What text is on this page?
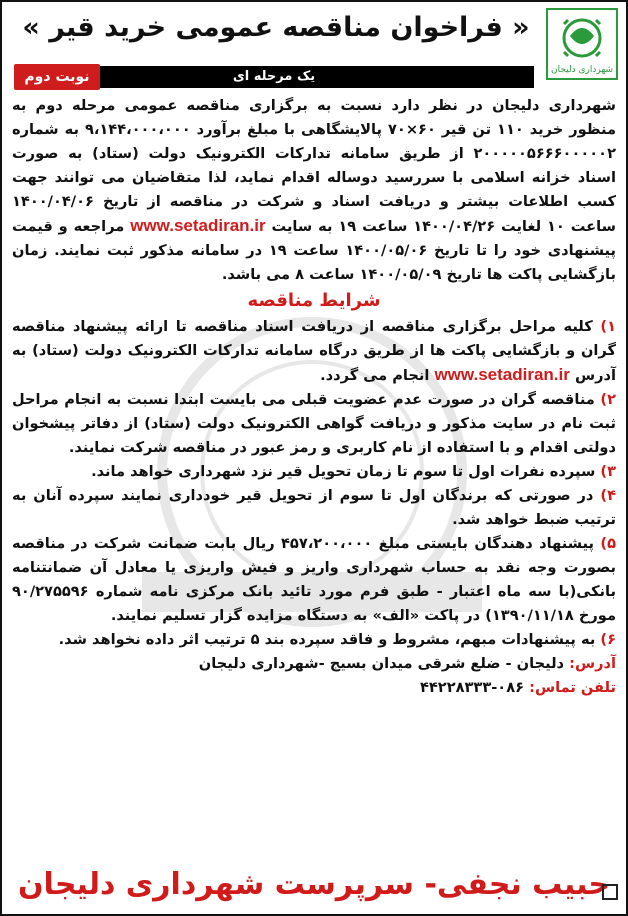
« فراخوان مناقصه عمومی خرید قیر »
شهرداری دلیجان
یک مرحله ای
نوبت دوم

شهرداری دلیجان در نظر دارد نسبت به برگزاری مناقصه عمومی مرحله دوم به منظور خرید ۱۱۰ تن قیر ۶۰×۷۰ پالایشگاهی با مبلغ برآورد ۹،۱۴۴،۰۰۰،۰۰۰ به شماره ۲۰۰۰۰۰۵۶۶۶۰۰۰۰۰۲ از طریق سامانه تدارکات الکترونیک دولت (ستاد) به صورت اسناد خزانه اسلامی با سررسید دوساله اقدام نماید، لذا متقاضیان می توانند جهت کسب اطلاعات بیشتر و دریافت اسناد و شرکت در مناقصه از تاریخ ۱۴۰۰/۰۴/۰۶ ساعت ۱۰ لغایت ۱۴۰۰/۰۴/۲۶ ساعت ۱۹ به سایت www.setadiran.ir مراجعه و قیمت پیشنهادی خود را تا تاریخ ۱۴۰۰/۰۵/۰۶ ساعت ۱۹ در سامانه مذکور ثبت نمایند. زمان بازگشایی پاکت ها تاریخ ۱۴۰۰/۰۵/۰۹ ساعت ۸ می باشد.

شرایط مناقصه

۱) کلیه مراحل برگزاری مناقصه از دریافت اسناد مناقصه تا ارائه پیشنهاد مناقصه گران و بازگشایی پاکت ها از طریق درگاه سامانه تدارکات الکترونیک دولت (ستاد) به آدرس www.setadiran.ir انجام می گردد.

۲) مناقصه گران در صورت عدم عضویت قبلی می بایست ابتدا نسبت به انجام مراحل ثبت نام در سایت مذکور و دریافت گواهی الکترونیک دولت (ستاد) از دفاتر پیشخوان دولتی اقدام و با استفاده از نام کاربری و رمز عبور در مناقصه شرکت نمایند.

۳) سپرده نفرات اول تا سوم تا زمان تحویل قیر نزد شهرداری خواهد ماند.

۴) در صورتی که برندگان اول تا سوم از تحویل قیر خودداری نمایند سپرده آنان به ترتیب ضبط خواهد شد.

۵) پیشنهاد دهندگان بایستی مبلغ ۴۵۷،۲۰۰،۰۰۰ ریال بابت ضمانت شرکت در مناقصه بصورت وجه نقد به حساب شهرداری واریز و فیش واریزی یا معادل آن ضمانتنامه بانکی(با سه ماه اعتبار - طبق فرم مورد تائید بانک مرکزی نامه شماره ۹۰/۲۷۵۵۹۶ مورخ ۱۳۹۰/۱۱/۱۸) در پاکت «الف» به دستگاه مزایده گزار تسلیم نمایند.

۶) به پیشنهادات مبهم، مشروط و فاقد سپرده بند ۵ ترتیب اثر داده نخواهد شد.

آدرس: دلیجان - ضلع شرقی میدان بسیج -شهرداری دلیجان

تلفن تماس: ۰۸۶-۴۴۲۲۸۳۳۳

حبیب نجفی- سرپرست شهرداری دلیجان
